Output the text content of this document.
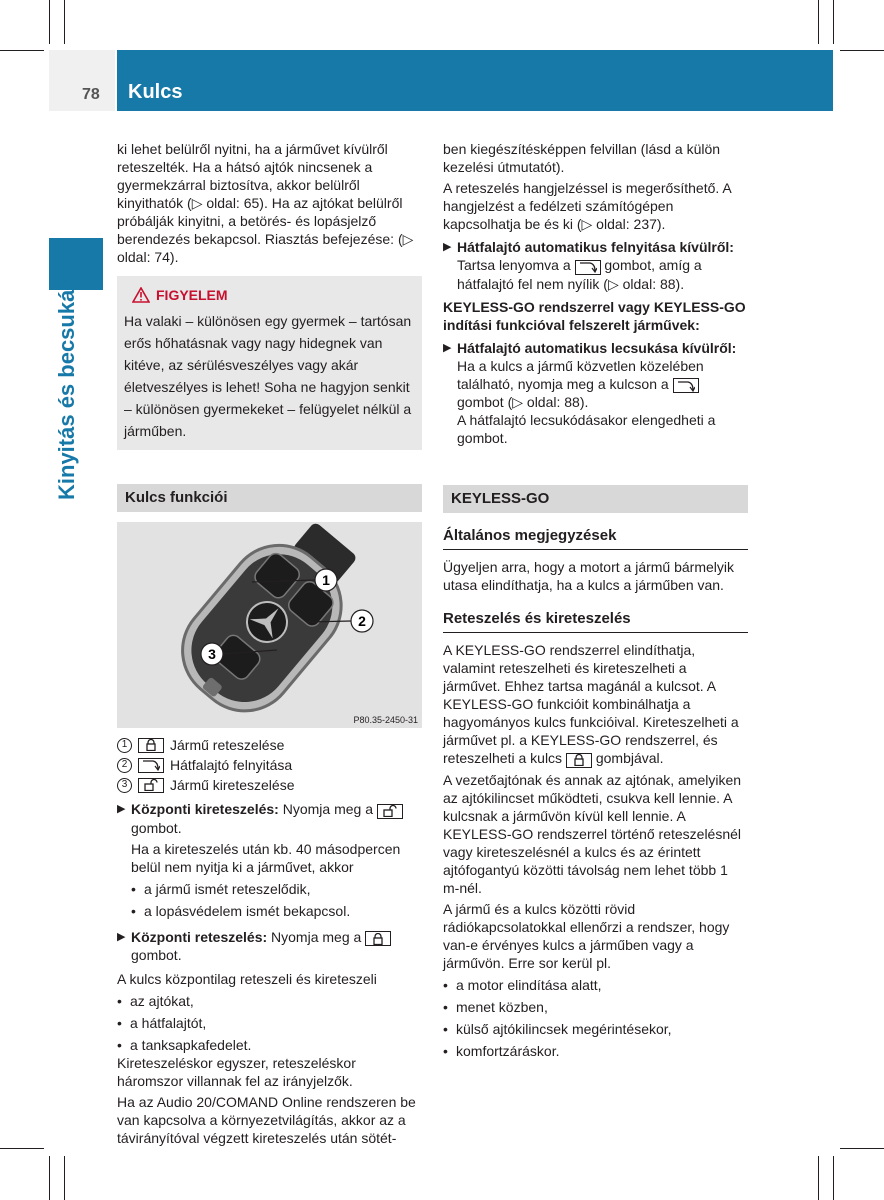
78 Kulcs
Kinyitás és becsukás

ki lehet belülről nyitni, ha a járművet kívülről reteszelték. Ha a hátsó ajtók nincsenek a gyermekzárral biztosítva, akkor belülről kinyithatók (▷ oldal: 65). Ha az ajtókat belülről próbálják kinyitni, a betörés- és lopásjelző berendezés bekapcsol. Riasztás befejezése: (▷ oldal: 74).

FIGYELEM
Ha valaki – különösen egy gyermek – tartósan erős hőhatásnak vagy nagy hidegnek van kitéve, az sérülésveszélyes vagy akár életveszélyes is lehet! Soha ne hagyjon senkit – különösen gyermekeket – felügyelet nélkül a járműben.
Kulcs funkciói
1
2
3
P80.35-2450-31
1	Jármű reteszelése
2	Hátfalajtó felnyitása
3	Jármű kireteszelése
▶ Központi kireteszelés: Nyomja meg a

gombot.

Ha a kireteszelés után kb. 40 másodpercen belül nem nyitja ki a járművet, akkor

• a jármű ismét reteszelődik,
• a lopásvédelem ismét bekapcsol.
▶ Központi reteszelés: Nyomja meg a

gombot.

A kulcs központilag reteszeli és kireteszeli

• az ajtókat,
• a hátfalajtót,
• a tanksapkafedelet.

Kireteszeléskor egyszer, reteszeléskor háromszor villannak fel az irányjelzők.

Ha az Audio 20/COMAND Online rendszeren be van kapcsolva a környezetvilágítás, akkor az a távirányítóval végzett kireteszelés után sötét-

ben kiegészítésképpen felvillan (lásd a külön kezelési útmutatót).

A reteszelés hangjelzéssel is megerősíthető. A hangjelzést a fedélzeti számítógépen kapcsolhatja be és ki (▷ oldal: 237).

▶ Hátfalajtó automatikus felnyitása kívülről: Tartsa lenyomva a gombot, amíg a hátfalajtó fel nem nyílik (▷ oldal: 88).

KEYLESS-GO rendszerrel vagy KEYLESS-GO indítási funkcióval felszerelt járművek:

▶ Hátfalajtó automatikus lecsukása kívülről: Ha a kulcs a jármű közvetlen közelében található, nyomja meg a kulcson a
gombot (▷ oldal: 88).
A hátfalajtó lecsukódásakor elengedheti a gombot.
KEYLESS-GO
Általános megjegyzések

Ügyeljen arra, hogy a motort a jármű bármelyik utasa elindíthatja, ha a kulcs a járműben van.

Reteszelés és kireteszelés

A KEYLESS-GO rendszerrel elindíthatja, valamint reteszelheti és kireteszelheti a járművet. Ehhez tartsa magánál a kulcsot. A KEYLESS-GO funkcióit kombinálhatja a hagyományos kulcs funkcióival. Kireteszelheti a járművet pl. a KEYLESS-GO rendszerrel, és reteszelheti a kulcs gombjával.

A vezetőajtónak és annak az ajtónak, amelyiken az ajtókilincset működteti, csukva kell lennie. A kulcsnak a járművön kívül kell lennie. A KEYLESS-GO rendszerrel történő reteszelésnél vagy kireteszelésnél a kulcs és az érintett ajtófogantyú közötti távolság nem lehet több 1 m-nél.

A jármű és a kulcs közötti rövid rádiókapcsolatokkal ellenőrzi a rendszer, hogy van-e érvényes kulcs a járműben vagy a járművön. Erre sor kerül pl.

• a motor elindítása alatt,
• menet közben,
• külső ajtókilincsek megérintésekor,
• komfortzáráskor.
